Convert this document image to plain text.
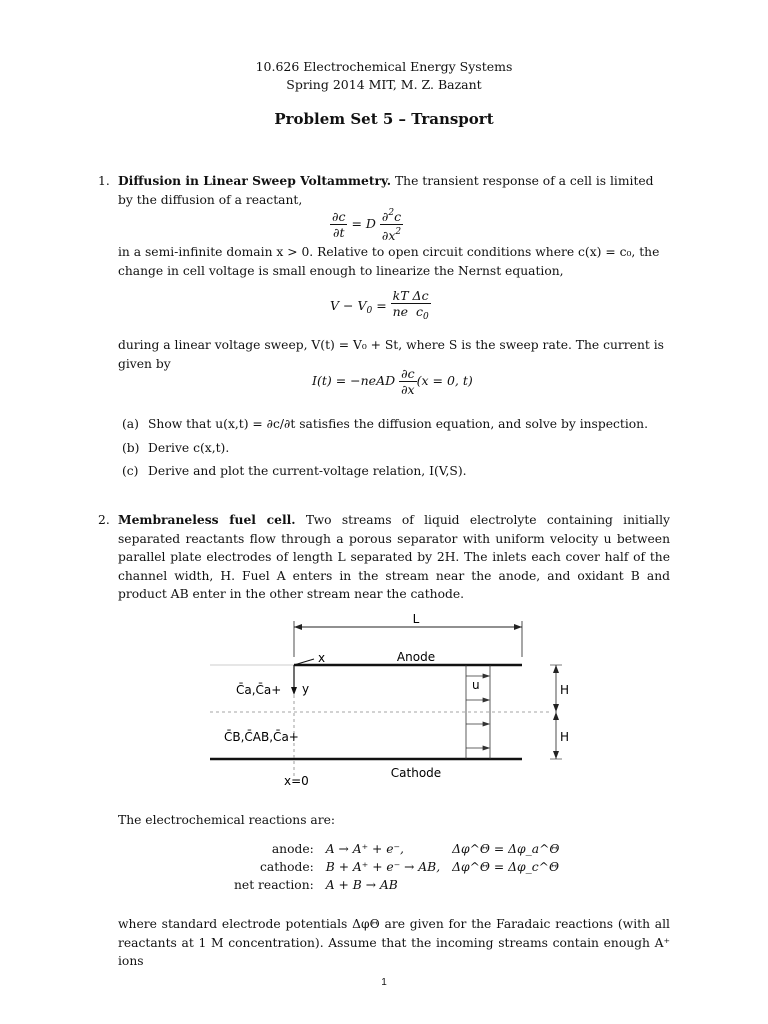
10.626 Electrochemical Energy Systems
Spring 2014 MIT, M. Z. Bazant
Problem Set 5 – Transport
1. Diffusion in Linear Sweep Voltammetry. The transient response of a cell is limited by the diffusion of a reactant,
$\frac{\partial c}{\partial t} = D \frac{\partial^2c}{\partial x^2}$
in a semi-infinite domain x > 0. Relative to open circuit conditions where c(x) = c₀, the change in cell voltage is small enough to linearize the Nernst equation,
$V - V_0 = \frac{\text{kT Δc}}{ne c_0}$
during a linear voltage sweep, V(t) = V₀ + St, where S is the sweep rate. The current is given by
I(t) = −neAD $\frac{\partial c}{\partial x} (x = 0$, t)
(a) Show that u(x,t) = ∂c/∂t satisfies the diffusion equation, and solve by inspection.
(b) Derive c(x,t).
(c) Derive and plot the current-voltage relation, I(V,S).
2. Membraneless fuel cell. Two streams of liquid electrolyte containing initially separated reactants flow through a porous separator with uniform velocity u between parallel plate electrodes of length L separated by 2H. The inlets each cover half of the channel width, H. Fuel A enters in the stream near the anode, and oxidant B and product AB enter in the other stream near the cathode.
L
x
y
Anode
Cathode
u	H
H
C̄a,C̄a+
C̄B,C̄AB,C̄a+
x=0
The electrochemical reactions are:
anode:	A → A⁺ + e⁻,	Δφ^Θ = Δφ_a^Θ
cathode:	B + A⁺ + e⁻ → AB,	Δφ^Θ = Δφ_c^Θ
net reaction:	A + B → AB	
where standard electrode potentials ΔφΘ are given for the Faradaic reactions (with all reactants at 1 M concentration). Assume that the incoming streams contain enough A⁺ ions
1
